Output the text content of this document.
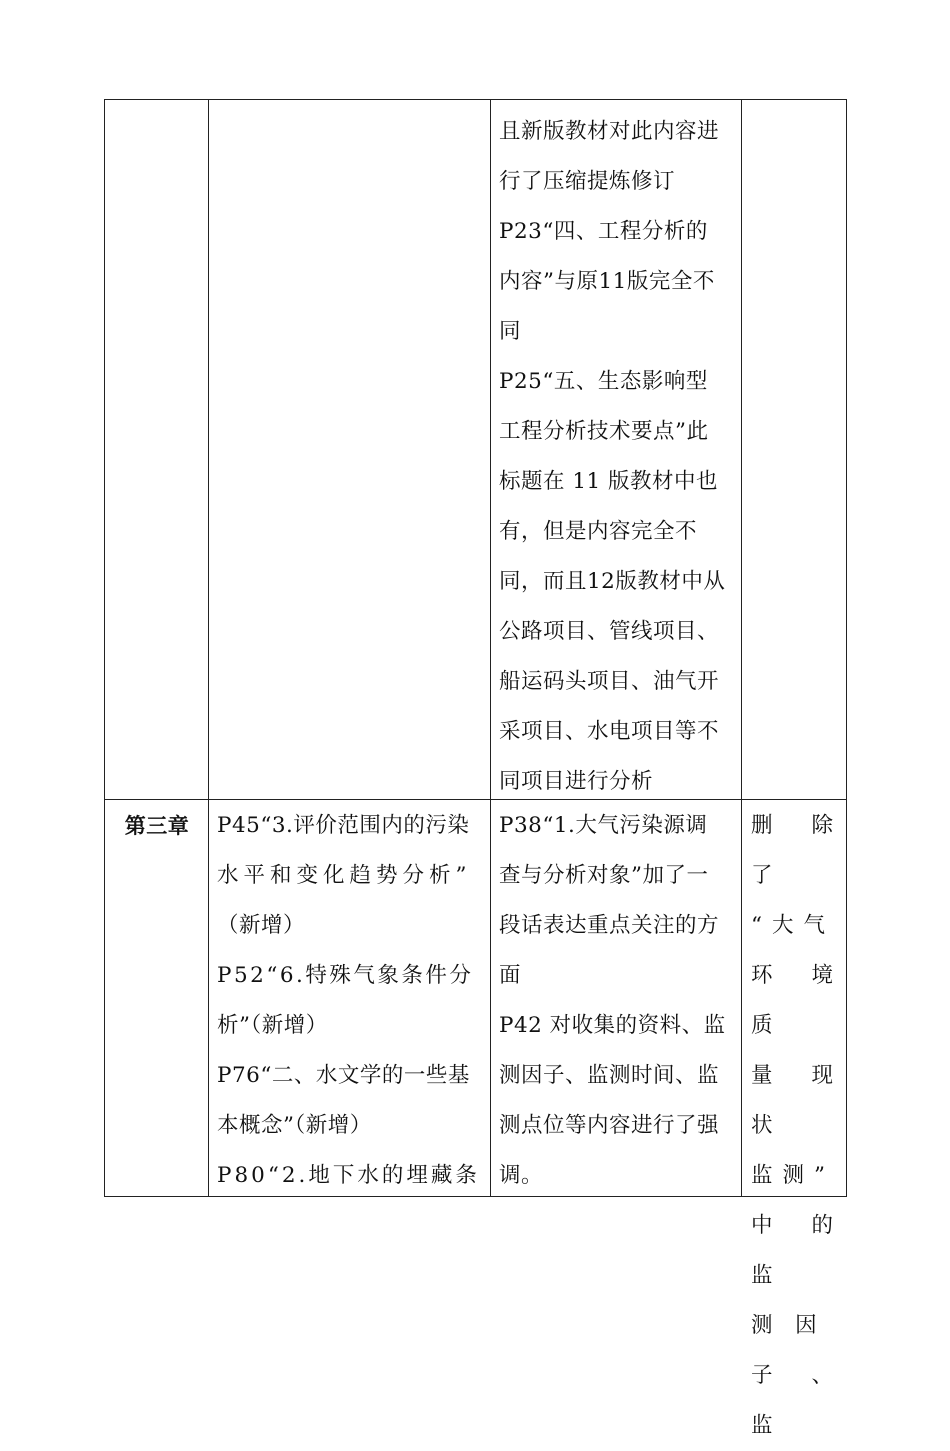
且新版教材对此内容进

行了压缩提炼修订

P23“四、工程分析的

内容”与原11版完全不

同

P25“五、生态影响型

工程分析技术要点”此

标题在 11 版教材中也

有，但是内容完全不

同，而且12版教材中从

公路项目、管线项目、

船运码头项目、油气开

采项目、水电项目等不

同项目进行分析

第三章	P45“3.评价范围内的污染

水平和变化趋势分析”

（新增）

P52“6.特殊气象条件分

析”（新增）

P76“二、水文学的一些基

本概念”（新增）

P80“2.地下水的埋藏条

P38“1.大气污染源调

查与分析对象”加了一

段话表达重点关注的方

面

P42 对收集的资料、监

测因子、监测时间、监

测点位等内容进行了强

调。

删除了

“大气

环境质

量现状

监测”

中的监

测  因

子、监
